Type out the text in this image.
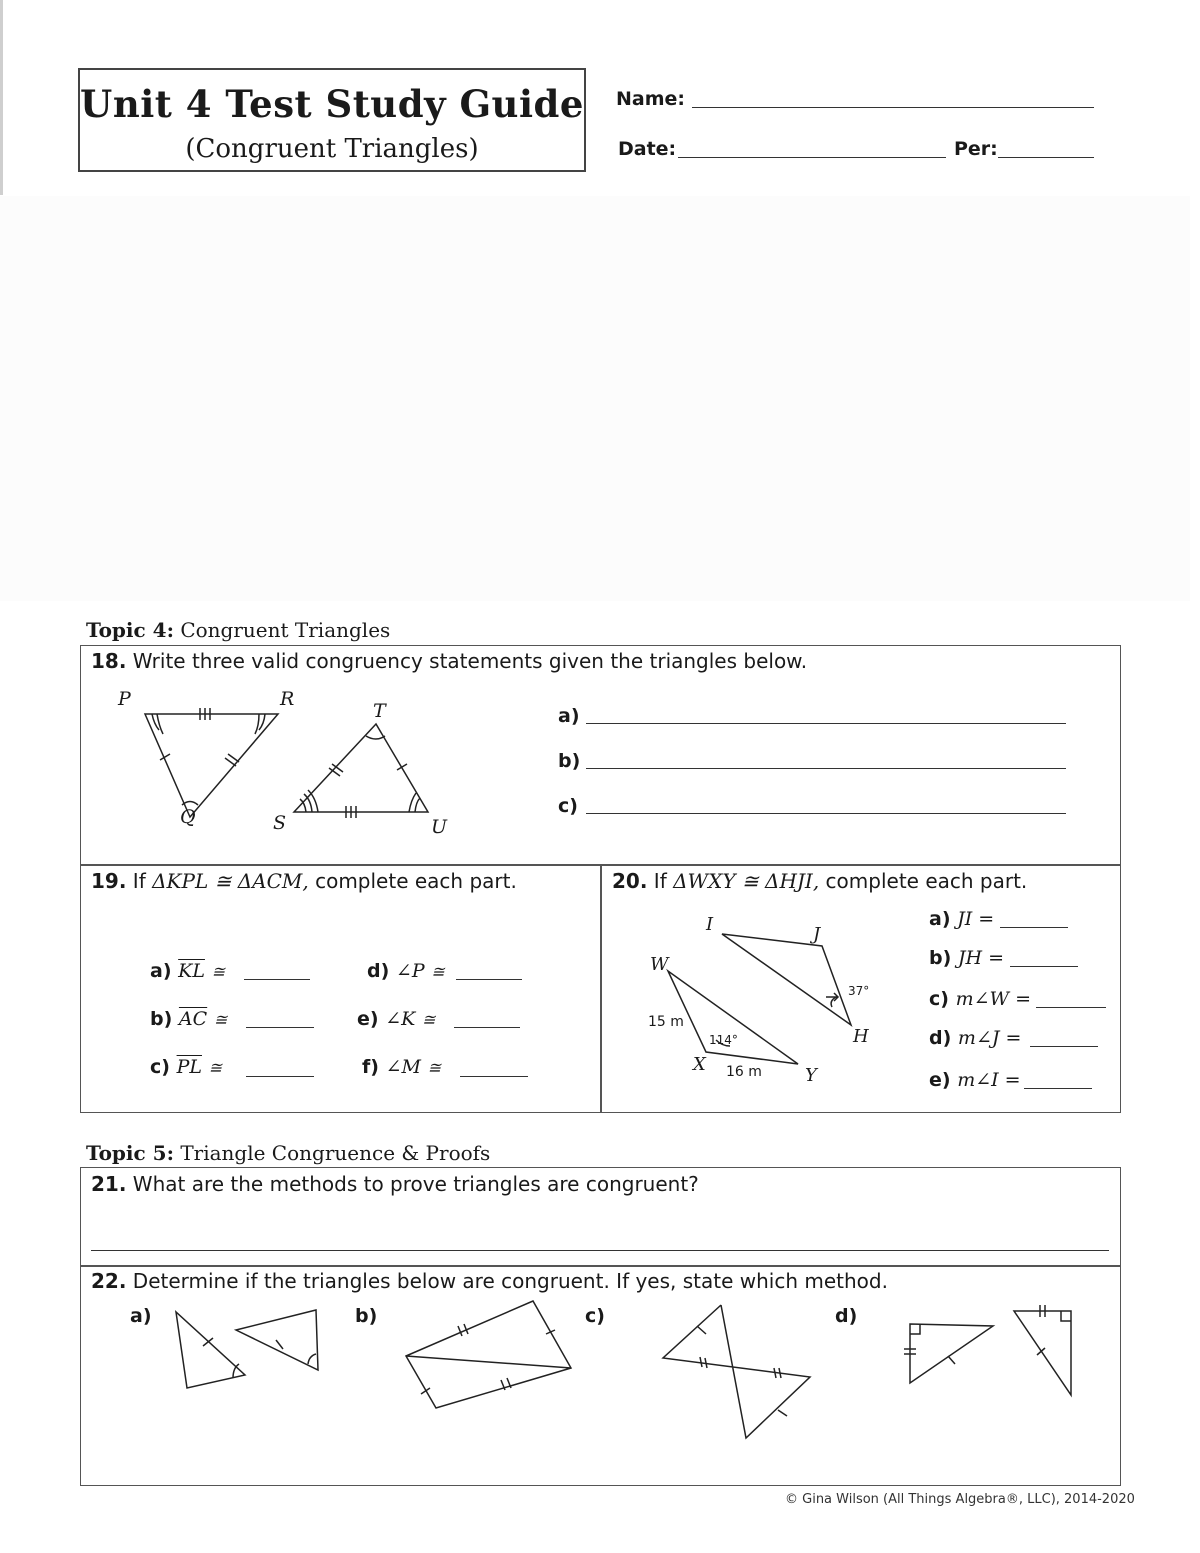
Unit 4 Test Study Guide
(Congruent Triangles)
Name:
Date:	Per:
Topic 4: Congruent Triangles
18. Write three valid congruency statements given the triangles below.
P	R
Q
T
S	U
a)
b)
c)
19. If ΔKPL ≅ ΔACM, complete each part.
a) $\overline{KL}$ ≅
b) $\overline{AC}$ ≅
c) $\overline{PL}$ ≅
d) ∠P ≅
e) ∠K ≅
f) ∠M ≅
20. If ΔWXY ≅ ΔHJI, complete each part.
I	J
W
H
X
Y
37°
15 m
114°
16 m
a) JI =
b) JH =
c) m∠W =
d) m∠J =
e) m∠I =
Topic 5: Triangle Congruence & Proofs
21. What are the methods to prove triangles are congruent?
22. Determine if the triangles below are congruent. If yes, state which method.
a)	b)	c)	d)
© Gina Wilson (All Things Algebra®, LLC), 2014-2020
